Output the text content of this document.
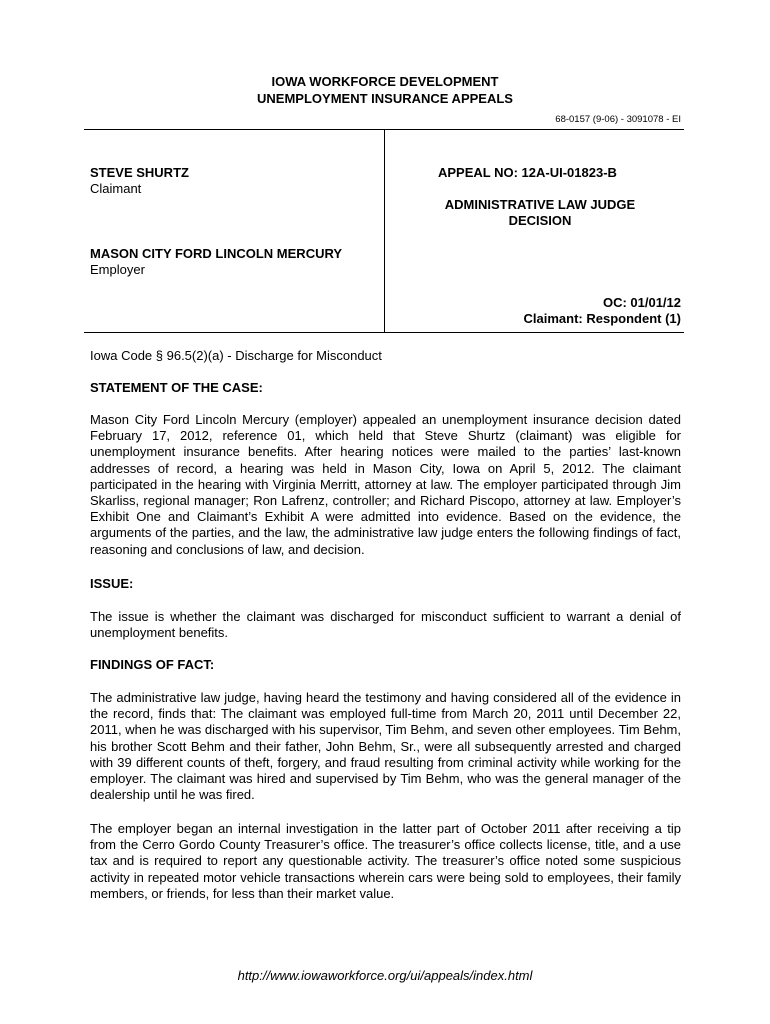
IOWA WORKFORCE DEVELOPMENT
UNEMPLOYMENT INSURANCE APPEALS
68-0157 (9-06) - 3091078 - EI
STEVE SHURTZ
Claimant
MASON CITY FORD LINCOLN MERCURY
Employer
APPEAL NO: 12A-UI-01823-B
ADMINISTRATIVE LAW JUDGE
DECISION
OC: 01/01/12
Claimant: Respondent (1)
Iowa Code § 96.5(2)(a) - Discharge for Misconduct
STATEMENT OF THE CASE:

Mason City Ford Lincoln Mercury (employer) appealed an unemployment insurance decision dated February 17, 2012, reference 01, which held that Steve Shurtz (claimant) was eligible for unemployment insurance benefits. After hearing notices were mailed to the parties’ last-known addresses of record, a hearing was held in Mason City, Iowa on April 5, 2012. The claimant participated in the hearing with Virginia Merritt, attorney at law. The employer participated through Jim Skarliss, regional manager; Ron Lafrenz, controller; and Richard Piscopo, attorney at law. Employer’s Exhibit One and Claimant’s Exhibit A were admitted into evidence. Based on the evidence, the arguments of the parties, and the law, the administrative law judge enters the following findings of fact, reasoning and conclusions of law, and decision.

ISSUE:

The issue is whether the claimant was discharged for misconduct sufficient to warrant a denial of unemployment benefits.

FINDINGS OF FACT:

The administrative law judge, having heard the testimony and having considered all of the evidence in the record, finds that: The claimant was employed full-time from March 20, 2011 until December 22, 2011, when he was discharged with his supervisor, Tim Behm, and seven other employees. Tim Behm, his brother Scott Behm and their father, John Behm, Sr., were all subsequently arrested and charged with 39 different counts of theft, forgery, and fraud resulting from criminal activity while working for the employer. The claimant was hired and supervised by Tim Behm, who was the general manager of the dealership until he was fired.

The employer began an internal investigation in the latter part of October 2011 after receiving a tip from the Cerro Gordo County Treasurer’s office. The treasurer’s office collects license, title, and a use tax and is required to report any questionable activity. The treasurer’s office noted some suspicious activity in repeated motor vehicle transactions wherein cars were being sold to employees, their family members, or friends, for less than their market value.

http://www.iowaworkforce.org/ui/appeals/index.html
